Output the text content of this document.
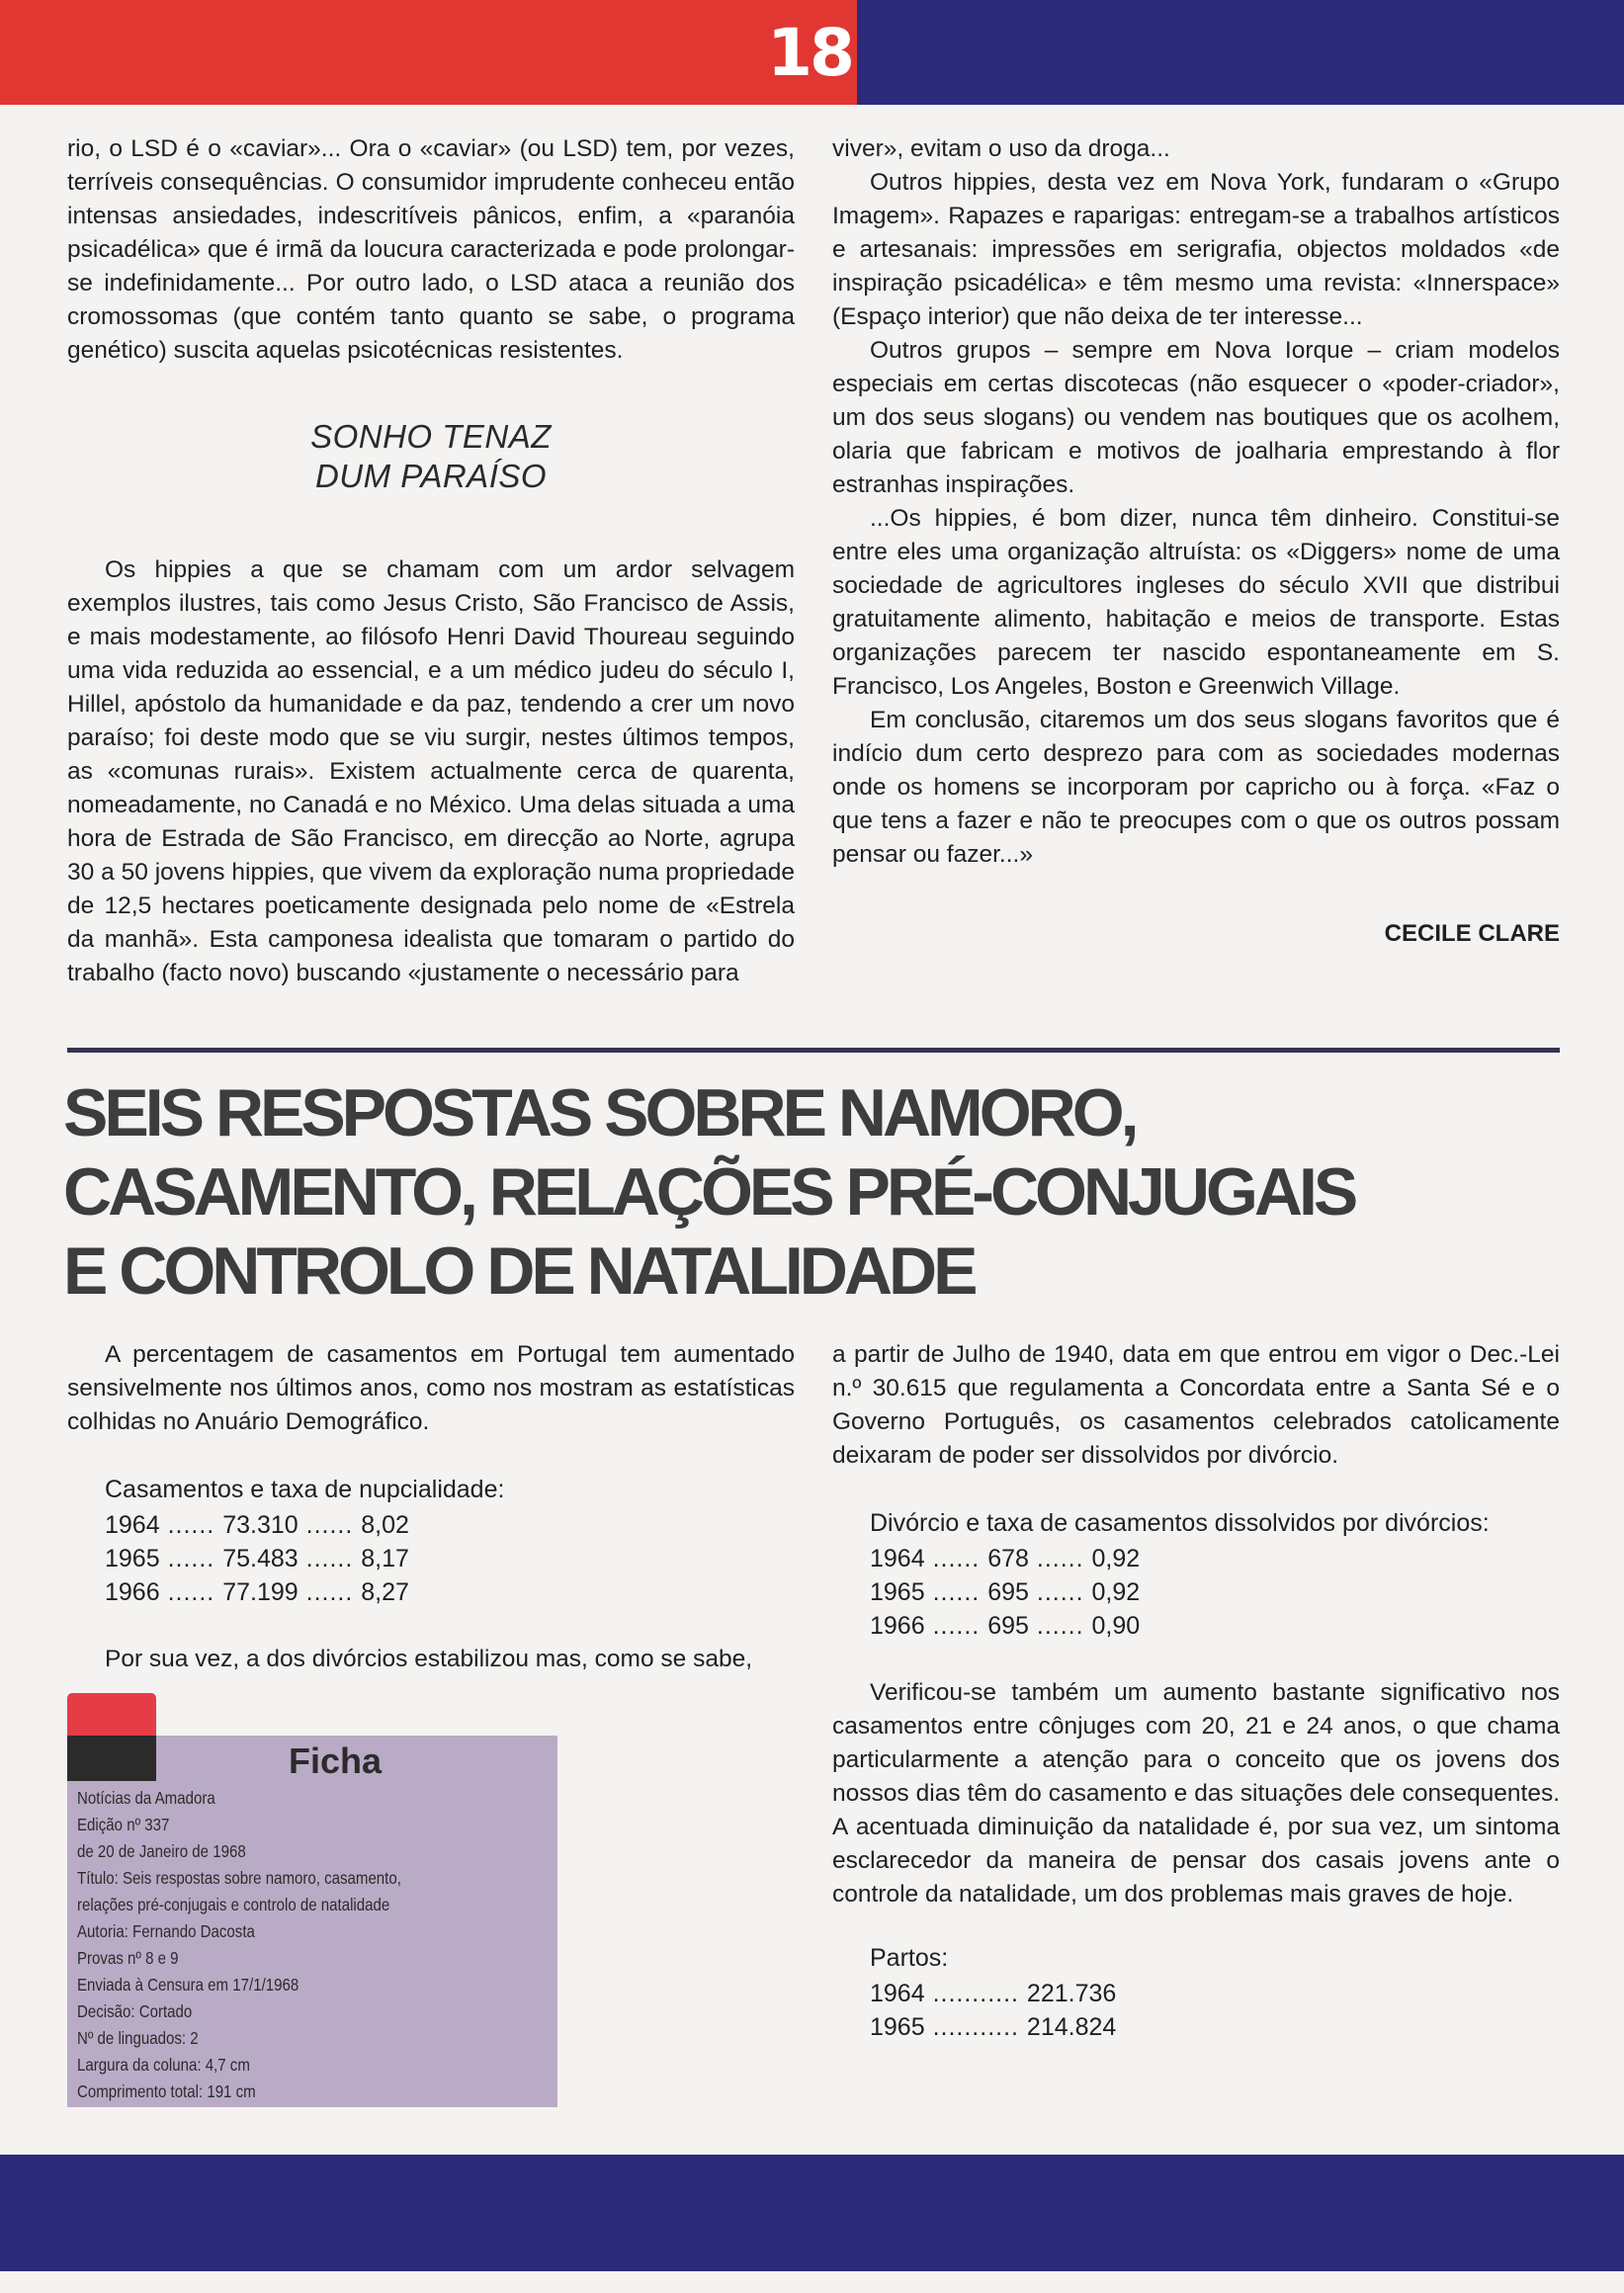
18

rio, o LSD é o «caviar»... Ora o «caviar» (ou LSD) tem, por vezes, terríveis consequências. O consumidor imprudente conheceu então intensas ansiedades, indescritíveis pânicos, enfim, a «paranóia psicadélica» que é irmã da loucura caracterizada e pode prolongar-se indefinidamente... Por outro lado, o LSD ataca a reunião dos cromossomas (que contém tanto quanto se sabe, o programa genético) suscita aquelas psicotécnicas resistentes.

SONHO TENAZ
DUM PARAÍSO

Os hippies a que se chamam com um ardor selvagem exemplos ilustres, tais como Jesus Cristo, São Francisco de Assis, e mais modestamente, ao filósofo Henri David Thoureau seguindo uma vida reduzida ao essencial, e a um médico judeu do século I, Hillel, apóstolo da humanidade e da paz, tendendo a crer um novo paraíso; foi deste modo que se viu surgir, nestes últimos tempos, as «comunas rurais». Existem actualmente cerca de quarenta, nomeadamente, no Canadá e no México. Uma delas situada a uma hora de Estrada de São Francisco, em direcção ao Norte, agrupa 30 a 50 jovens hippies, que vivem da exploração numa propriedade de 12,5 hectares poeticamente designada pelo nome de «Estrela da manhã». Esta camponesa idealista que tomaram o partido do trabalho (facto novo) buscando «justamente o necessário para

viver», evitam o uso da droga...

Outros hippies, desta vez em Nova York, fundaram o «Grupo Imagem». Rapazes e raparigas: entregam-se a trabalhos artísticos e artesanais: impressões em serigrafia, objectos moldados «de inspiração psicadélica» e têm mesmo uma revista: «Innerspace» (Espaço interior) que não deixa de ter interesse...

Outros grupos – sempre em Nova Iorque – criam modelos especiais em certas discotecas (não esquecer o «poder-criador», um dos seus slogans) ou vendem nas boutiques que os acolhem, olaria que fabricam e motivos de joalharia emprestando à flor estranhas inspirações.

...Os hippies, é bom dizer, nunca têm dinheiro. Constitui-se entre eles uma organização altruísta: os «Diggers» nome de uma sociedade de agricultores ingleses do século XVII que distribui gratuitamente alimento, habitação e meios de transporte. Estas organizações parecem ter nascido espontaneamente em S. Francisco, Los Angeles, Boston e Greenwich Village.

Em conclusão, citaremos um dos seus slogans favoritos que é indício dum certo desprezo para com as sociedades modernas onde os homens se incorporam por capricho ou à força. «Faz o que tens a fazer e não te preocupes com o que os outros possam pensar ou fazer...»

CECILE CLARE
SEIS RESPOSTAS SOBRE NAMORO,
CASAMENTO, RELAÇÕES PRÉ-CONJUGAIS
E CONTROLO DE NATALIDADE

A percentagem de casamentos em Portugal tem aumentado sensivelmente nos últimos anos, como nos mostram as estatísticas colhidas no Anuário Demográfico.

Casamentos e taxa de nupcialidade:
1964 ...... 73.310 ...... 8,02
1965 ...... 75.483 ...... 8,17
1966 ...... 77.199 ...... 8,27

Por sua vez, a dos divórcios estabilizou mas, como se sabe,

Ficha
Notícias da Amadora
Edição nº 337
de 20 de Janeiro de 1968
Título: Seis respostas sobre namoro, casamento,
relações pré-conjugais e controlo de natalidade
Autoria: Fernando Dacosta
Provas nº 8 e 9
Enviada à Censura em 17/1/1968
Decisão: Cortado
Nº de linguados: 2
Largura da coluna: 4,7 cm
Comprimento total: 191 cm

a partir de Julho de 1940, data em que entrou em vigor o Dec.-Lei n.º 30.615 que regulamenta a Concordata entre a Santa Sé e o Governo Português, os casamentos celebrados catolicamente deixaram de poder ser dissolvidos por divórcio.

Divórcio e taxa de casamentos dissolvidos por divórcios:
1964 ...... 678 ...... 0,92
1965 ...... 695 ...... 0,92
1966 ...... 695 ...... 0,90

Verificou-se também um aumento bastante significativo nos casamentos entre cônjuges com 20, 21 e 24 anos, o que chama particularmente a atenção para o conceito que os jovens dos nossos dias têm do casamento e das situações dele consequentes. A acentuada diminuição da natalidade é, por sua vez, um sintoma esclarecedor da maneira de pensar dos casais jovens ante o controle da natalidade, um dos problemas mais graves de hoje.

Partos:
1964 ........... 221.736
1965 ........... 214.824
